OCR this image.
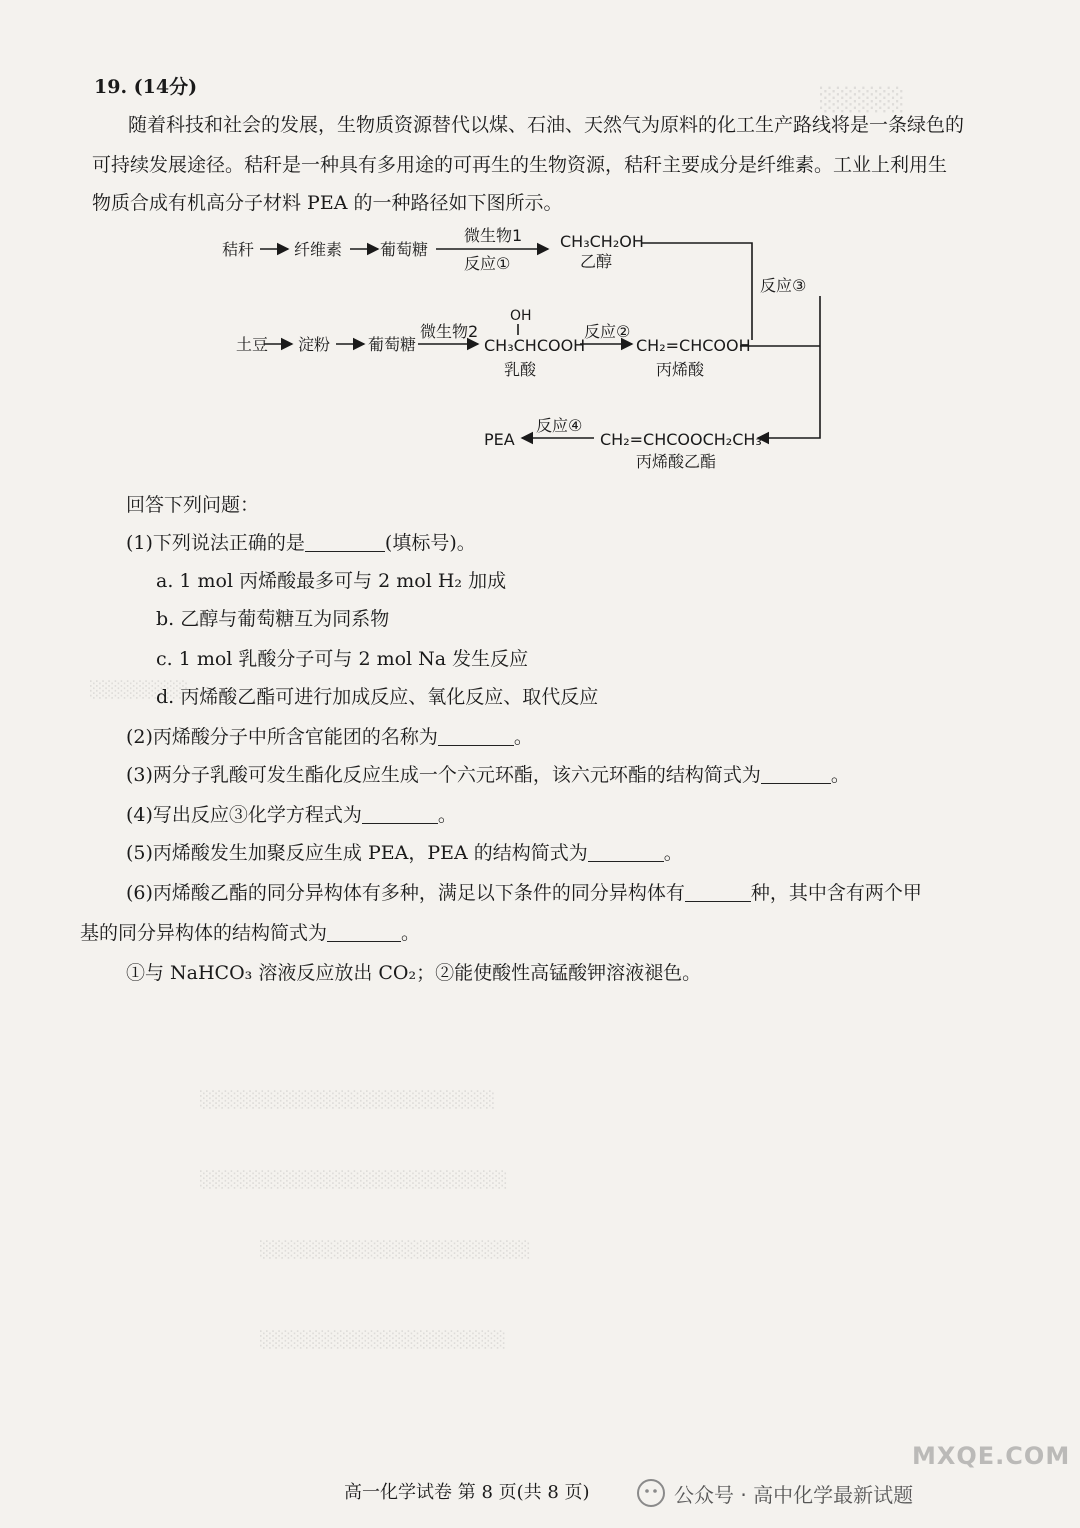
░░░░░
░░░░░░░░
19. (14分)
随着科技和社会的发展，生物质资源替代以煤、石油、天然气为原料的化工生产路线将是一条绿色的
可持续发展途径。秸秆是一种具有多用途的可再生的生物资源，秸秆主要成分是纤维素。工业上利用生
物质合成有机高分子材料 PEA 的一种路径如下图所示。
秸秆 纤维素 葡萄糖
微生物1
反应①
CH₃CH₂OH
乙醇
反应③
土豆 淀粉 葡萄糖
微生物2
OH
CH₃CHCOOH
乳酸
反应②
CH₂=CHCOOH
丙烯酸
PEA
反应④
CH₂=CHCOOCH₂CH₃
丙烯酸乙酯
回答下列问题：
(1)下列说法正确的是	(填标号)。
a. 1 mol 丙烯酸最多可与 2 mol H₂ 加成
b. 乙醇与葡萄糖互为同系物
c. 1 mol 乳酸分子可与 2 mol Na 发生反应
d. 丙烯酸乙酯可进行加成反应、氧化反应、取代反应
(2)丙烯酸分子中所含官能团的名称为	。
(3)两分子乳酸可发生酯化反应生成一个六元环酯，该六元环酯的结构简式为	。
(4)写出反应③化学方程式为	。
(5)丙烯酸发生加聚反应生成 PEA，PEA 的结构简式为	。
(6)丙烯酸乙酯的同分异构体有多种，满足以下条件的同分异构体有	种，其中含有两个甲
基的同分异构体的结构简式为	。
①与 NaHCO₃ 溶液反应放出 CO₂；②能使酸性高锰酸钾溶液褪色。
░░░░░░░░░░░░░░░░░░░░░░░░
░░░░░░░░░░░░░░░░░░░░░░░░░
░░░░░░░░░░░░░░░░░░░░░░
░░░░░░░░░░░░░░░░░░░░
高一化学试卷 第 8 页(共 8 页)	公众号 · 高中化学最新试题
MXQE.COM
